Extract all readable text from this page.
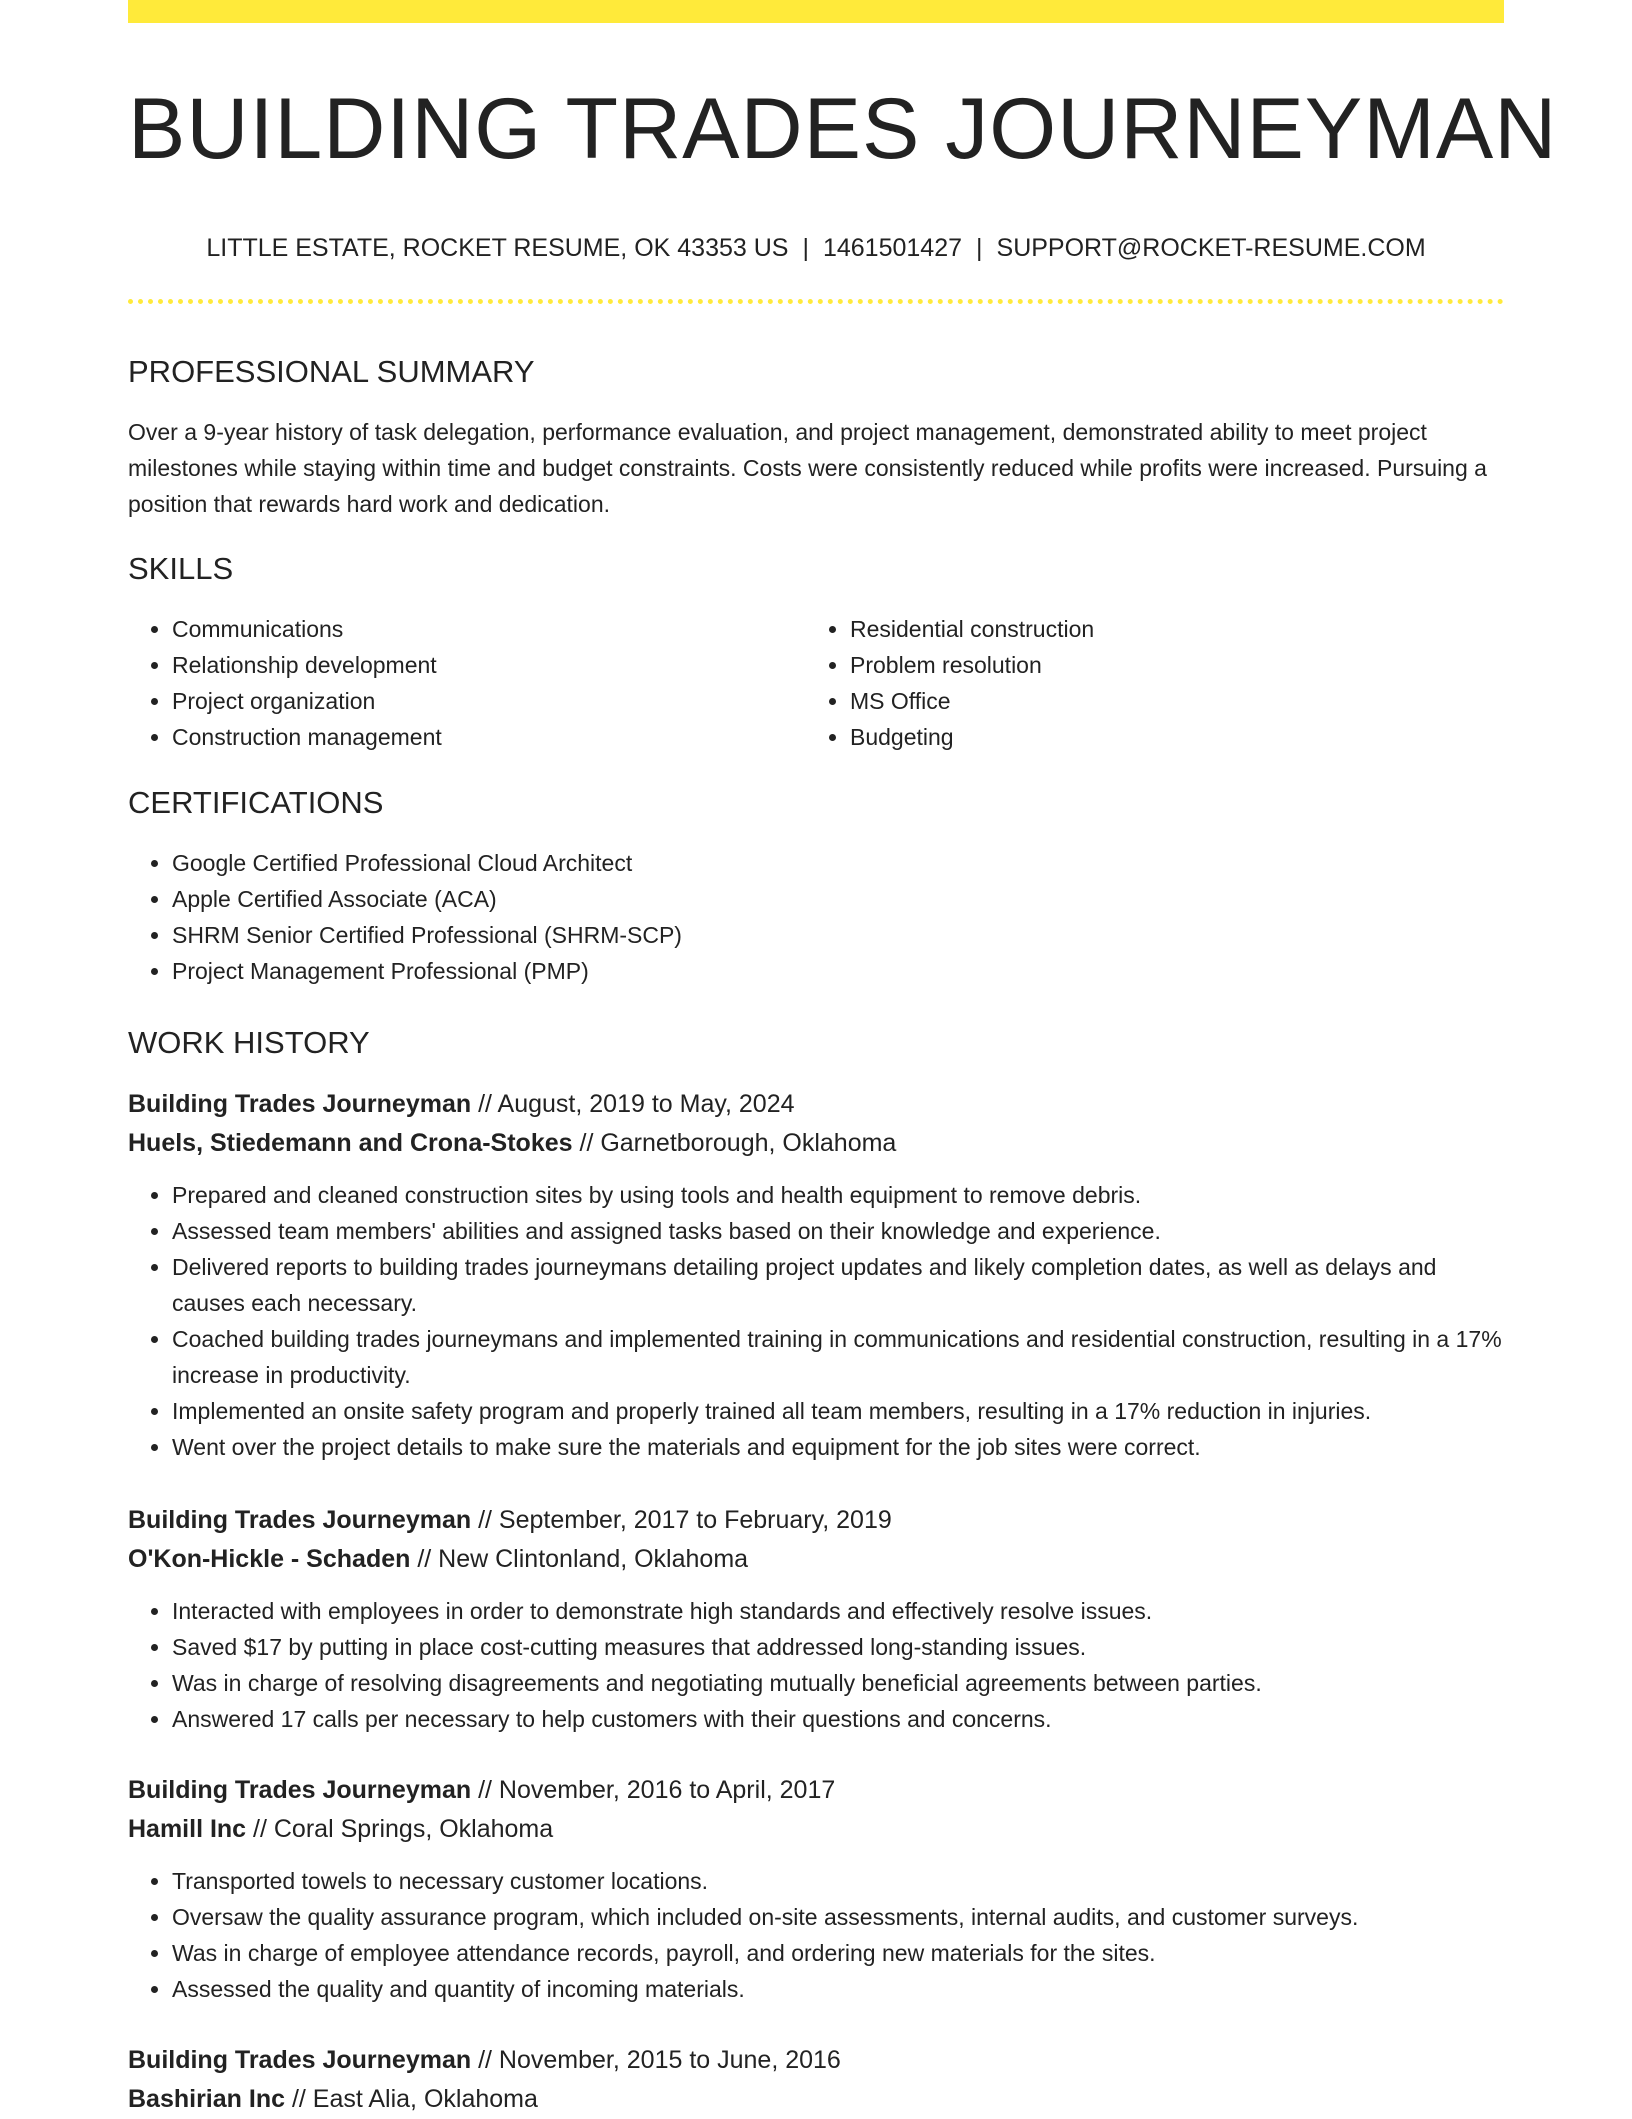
BUILDING TRADES JOURNEYMAN
LITTLE ESTATE, ROCKET RESUME, OK 43353 US | 1461501427 | SUPPORT@ROCKET-RESUME.COM
PROFESSIONAL SUMMARY

Over a 9-year history of task delegation, performance evaluation, and project management, demonstrated ability to meet project milestones while staying within time and budget constraints. Costs were consistently reduced while profits were increased. Pursuing a position that rewards hard work and dedication.

SKILLS
• Communications
• Relationship development
• Project organization
• Construction management
• Residential construction
• Problem resolution
• MS Office
• Budgeting
CERTIFICATIONS
• Google Certified Professional Cloud Architect
• Apple Certified Associate (ACA)
• SHRM Senior Certified Professional (SHRM-SCP)
• Project Management Professional (PMP)
WORK HISTORY

Building Trades Journeyman // August, 2019 to May, 2024

Huels, Stiedemann and Crona-Stokes // Garnetborough, Oklahoma

• Prepared and cleaned construction sites by using tools and health equipment to remove debris.
• Assessed team members' abilities and assigned tasks based on their knowledge and experience.
• Delivered reports to building trades journeymans detailing project updates and likely completion dates, as well as delays and causes each necessary.
• Coached building trades journeymans and implemented training in communications and residential construction, resulting in a 17% increase in productivity.
• Implemented an onsite safety program and properly trained all team members, resulting in a 17% reduction in injuries.
• Went over the project details to make sure the materials and equipment for the job sites were correct.

Building Trades Journeyman // September, 2017 to February, 2019

O'Kon-Hickle - Schaden // New Clintonland, Oklahoma

• Interacted with employees in order to demonstrate high standards and effectively resolve issues.
• Saved $17 by putting in place cost-cutting measures that addressed long-standing issues.
• Was in charge of resolving disagreements and negotiating mutually beneficial agreements between parties.
• Answered 17 calls per necessary to help customers with their questions and concerns.

Building Trades Journeyman // November, 2016 to April, 2017

Hamill Inc // Coral Springs, Oklahoma

• Transported towels to necessary customer locations.
• Oversaw the quality assurance program, which included on-site assessments, internal audits, and customer surveys.
• Was in charge of employee attendance records, payroll, and ordering new materials for the sites.
• Assessed the quality and quantity of incoming materials.

Building Trades Journeyman // November, 2015 to June, 2016

Bashirian Inc // East Alia, Oklahoma
